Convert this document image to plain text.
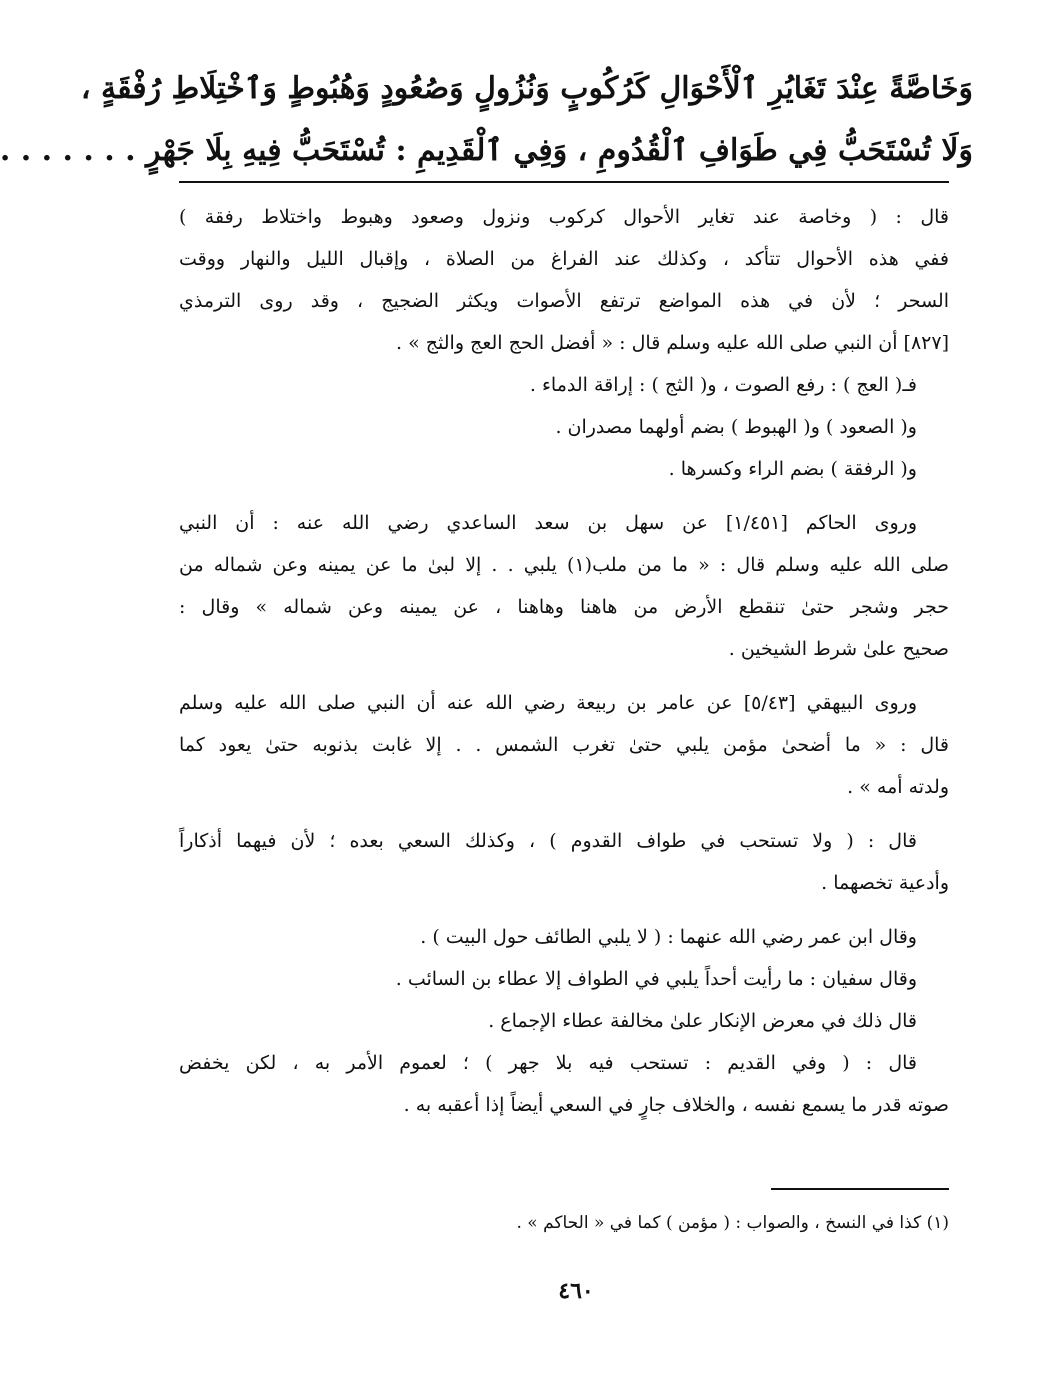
وَخَاصَّةً عِنْدَ تَغَايُرِ ٱلْأَحْوَالِ كَرُكُوبٍ وَنُزُولٍ وَصُعُودٍ وَهُبُوطٍ وَٱخْتِلَاطِ رُفْقَةٍ ،
وَلَا تُسْتَحَبُّ فِي طَوَافِ ٱلْقُدُومِ ، وَفِي ٱلْقَدِيمِ : تُسْتَحَبُّ فِيهِ بِلَا جَهْرٍ . . . . . . .
قال : ( وخاصة عند تغاير الأحوال كركوب ونزول وصعود وهبوط واختلاط رفقة )
ففي هذه الأحوال تتأكد ، وكذلك عند الفراغ من الصلاة ، وإقبال الليل والنهار ووقت
السحر ؛ لأن في هذه المواضع ترتفع الأصوات ويكثر الضجيج ، وقد روى الترمذي
[٨٢٧] أن النبي صلى الله عليه وسلم قال : « أفضل الحج العج والثج » .
فـ( العج ) : رفع الصوت ، و( الثج ) : إراقة الدماء .
و( الصعود ) و( الهبوط ) بضم أولهما مصدران .
و( الرفقة ) بضم الراء وكسرها .
وروى الحاكم [١/٤٥١] عن سهل بن سعد الساعدي رضي الله عنه : أن النبي
صلى الله عليه وسلم قال : « ما من ملب(١) يلبي . . إلا لبىٰ ما عن يمينه وعن شماله من
حجر وشجر حتىٰ تنقطع الأرض من هاهنا وهاهنا ، عن يمينه وعن شماله » وقال :
صحيح علىٰ شرط الشيخين .
وروى البيهقي [٥/٤٣] عن عامر بن ربيعة رضي الله عنه أن النبي صلى الله عليه وسلم
قال : « ما أضحىٰ مؤمن يلبي حتىٰ تغرب الشمس . . إلا غابت بذنوبه حتىٰ يعود كما
ولدته أمه » .
قال : ( ولا تستحب في طواف القدوم ) ، وكذلك السعي بعده ؛ لأن فيهما أذكاراً
وأدعية تخصهما .
وقال ابن عمر رضي الله عنهما : ( لا يلبي الطائف حول البيت ) .
وقال سفيان : ما رأيت أحداً يلبي في الطواف إلا عطاء بن السائب .
قال ذلك في معرض الإنكار علىٰ مخالفة عطاء الإجماع .
قال : ( وفي القديم : تستحب فيه بلا جهر ) ؛ لعموم الأمر به ، لكن يخفض
صوته قدر ما يسمع نفسه ، والخلاف جارٍ في السعي أيضاً إذا أعقبه به .
(١) كذا في النسخ ، والصواب : ( مؤمن ) كما في « الحاكم » .
٤٦٠
